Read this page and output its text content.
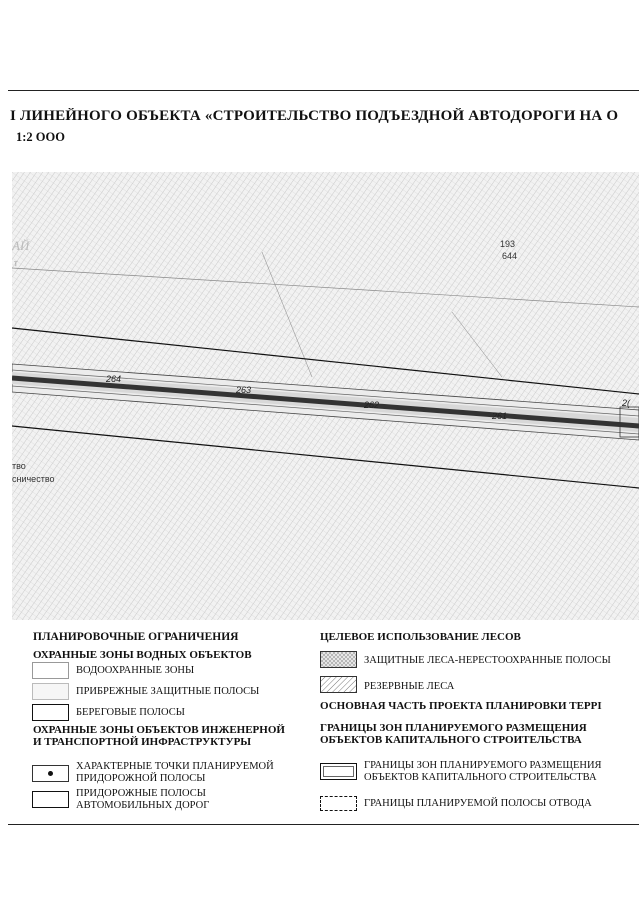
І ЛИНЕЙНОГО ОБЪЕКТА «СТРОИТЕЛЬСТВО ПОДЪЕЗДНОЙ АВТОДОРОГИ НА О
1:2 ООО
193
644
АЙ
т
тво
сничество
264
263
262
261
2(
ПЛАНИРОВОЧНЫЕ ОГРАНИЧЕНИЯ
ОХРАННЫЕ ЗОНЫ ВОДНЫХ ОБЪЕКТОВ
ВОДООХРАННЫЕ ЗОНЫ
ПРИБРЕЖНЫЕ ЗАЩИТНЫЕ ПОЛОСЫ
БЕРЕГОВЫЕ ПОЛОСЫ
ОХРАННЫЕ ЗОНЫ ОБЪЕКТОВ ИНЖЕНЕРНОЙ
И ТРАНСПОРТНОЙ ИНФРАСТРУКТУРЫ
ХАРАКТЕРНЫЕ ТОЧКИ ПЛАНИРУЕМОЙ
ПРИДОРОЖНОЙ ПОЛОСЫ
ПРИДОРОЖНЫЕ ПОЛОСЫ
АВТОМОБИЛЬНЫХ ДОРОГ
ЦЕЛЕВОЕ ИСПОЛЬЗОВАНИЕ ЛЕСОВ
ЗАЩИТНЫЕ ЛЕСА-НЕРЕСТООХРАННЫЕ ПОЛОСЫ
РЕЗЕРВНЫЕ ЛЕСА
ОСНОВНАЯ ЧАСТЬ ПРОЕКТА ПЛАНИРОВКИ ТЕРРІ
ГРАНИЦЫ ЗОН ПЛАНИРУЕМОГО РАЗМЕЩЕНИЯ
ОБЪЕКТОВ КАПИТАЛЬНОГО СТРОИТЕЛЬСТВА
ГРАНИЦЫ ЗОН ПЛАНИРУЕМОГО РАЗМЕЩЕНИЯ
ОБЪЕКТОВ КАПИТАЛЬНОГО СТРОИТЕЛЬСТВА
ГРАНИЦЫ ПЛАНИРУЕМОЙ ПОЛОСЫ ОТВОДА
